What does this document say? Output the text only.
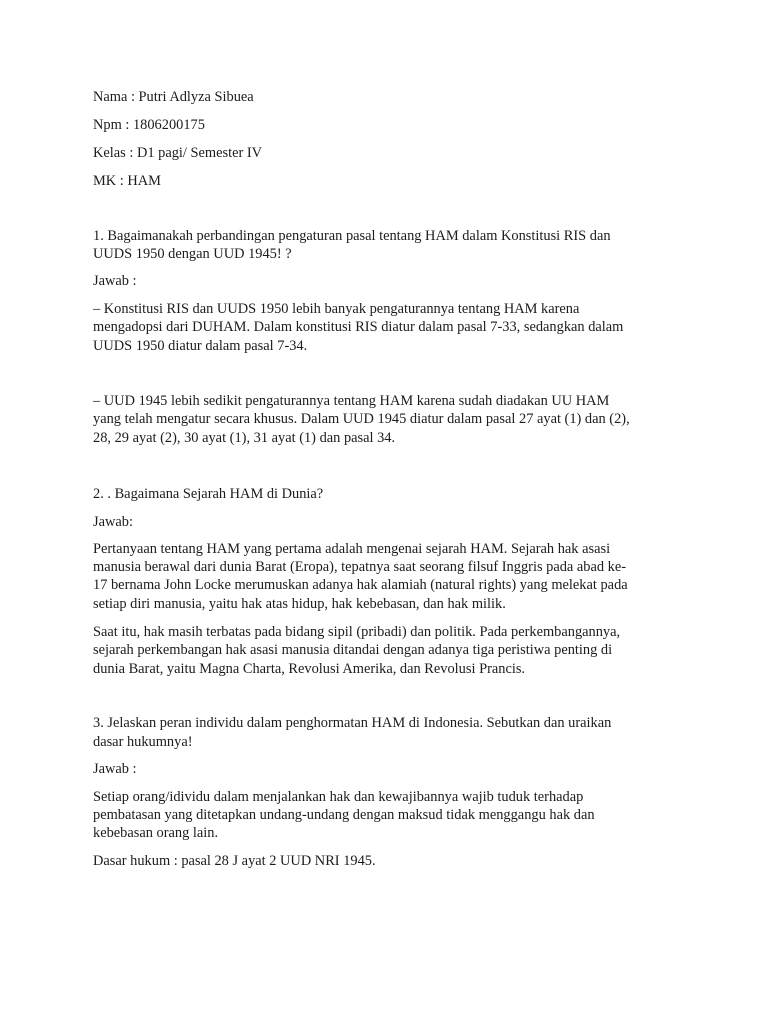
Nama : Putri Adlyza Sibuea
Npm : 1806200175
Kelas : D1 pagi/ Semester IV
MK : HAM
1. Bagaimanakah perbandingan pengaturan pasal tentang HAM dalam Konstitusi RIS dan
UUDS 1950 dengan UUD 1945! ?
Jawab :
– Konstitusi RIS dan UUDS 1950 lebih banyak pengaturannya tentang HAM karena
mengadopsi dari DUHAM. Dalam konstitusi RIS diatur dalam pasal 7-33, sedangkan dalam
UUDS 1950 diatur dalam pasal 7-34.
– UUD 1945 lebih sedikit pengaturannya tentang HAM karena sudah diadakan UU HAM
yang telah mengatur secara khusus. Dalam UUD 1945 diatur dalam pasal 27 ayat (1) dan (2),
28, 29 ayat (2), 30 ayat (1), 31 ayat (1) dan pasal 34.
2. . Bagaimana Sejarah HAM di Dunia?
Jawab:
Pertanyaan tentang HAM yang pertama adalah mengenai sejarah HAM. Sejarah hak asasi
manusia berawal dari dunia Barat (Eropa), tepatnya saat seorang filsuf Inggris pada abad ke-
17 bernama John Locke merumuskan adanya hak alamiah (natural rights) yang melekat pada
setiap diri manusia, yaitu hak atas hidup, hak kebebasan, dan hak milik.
Saat itu, hak masih terbatas pada bidang sipil (pribadi) dan politik. Pada perkembangannya,
sejarah perkembangan hak asasi manusia ditandai dengan adanya tiga peristiwa penting di
dunia Barat, yaitu Magna Charta, Revolusi Amerika, dan Revolusi Prancis.
3. Jelaskan peran individu dalam penghormatan HAM di Indonesia. Sebutkan dan uraikan
dasar hukumnya!
Jawab :
Setiap orang/idividu dalam menjalankan hak dan kewajibannya wajib tuduk terhadap
pembatasan yang ditetapkan undang-undang dengan maksud tidak menggangu hak dan
kebebasan orang lain.
Dasar hukum : pasal 28 J ayat 2 UUD NRI 1945.
